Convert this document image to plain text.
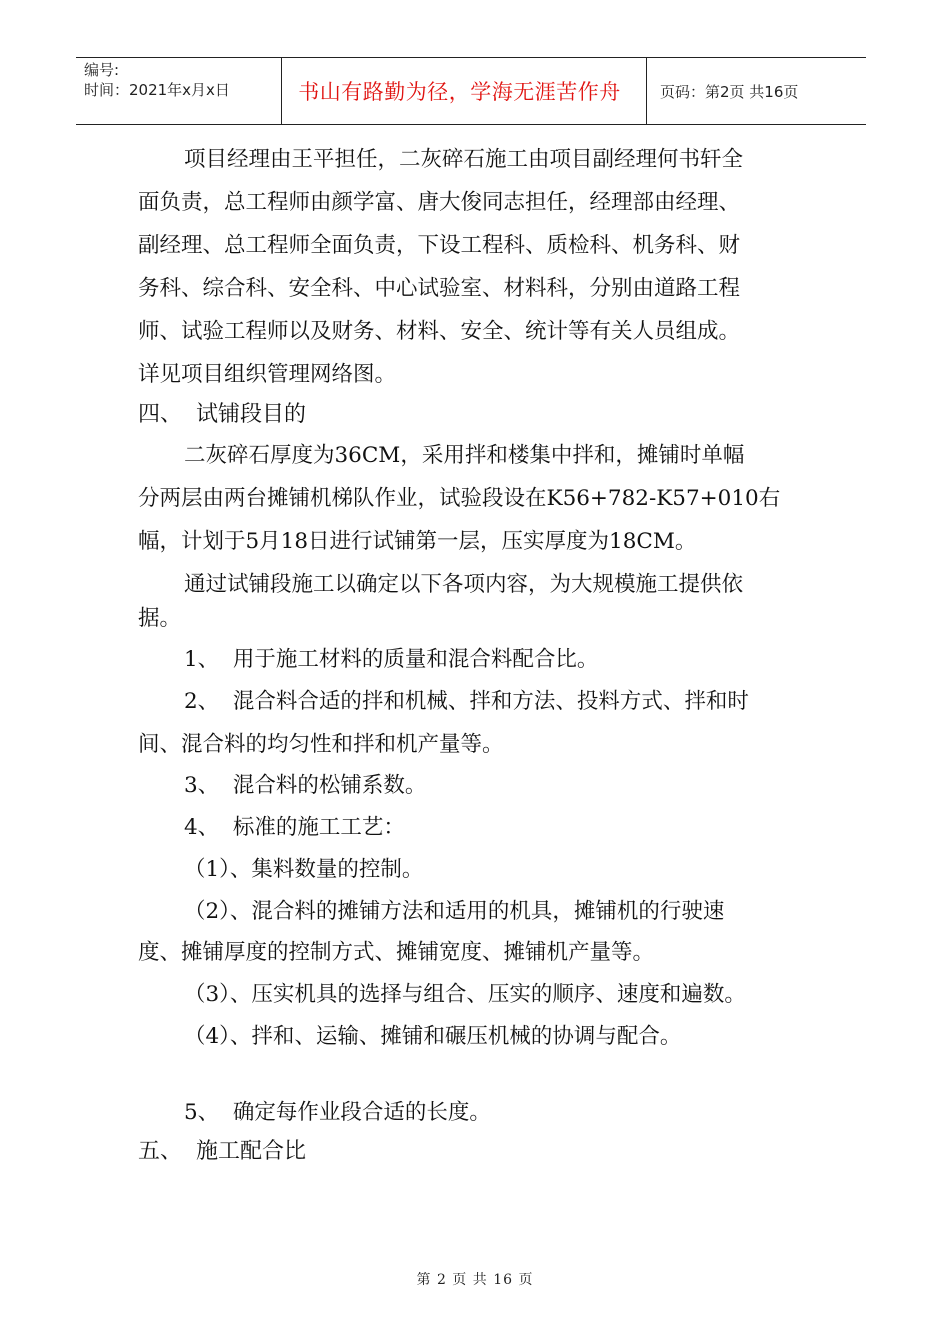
编号:
时间：2021年x月x日	书山有路勤为径，学海无涯苦作舟	页码：第2页 共16页
项目经理由王平担任，二灰碎石施工由项目副经理何书轩全
面负责，总工程师由颜学富、唐大俊同志担任，经理部由经理、
副经理、总工程师全面负责，下设工程科、质检科、机务科、财
务科、综合科、安全科、中心试验室、材料科，分别由道路工程
师、试验工程师以及财务、材料、安全、统计等有关人员组成。
详见项目组织管理网络图。
四、  试铺段目的
二灰碎石厚度为36CM，采用拌和楼集中拌和，摊铺时单幅
分两层由两台摊铺机梯队作业，试验段设在K56+782-K57+010右
幅，计划于5月18日进行试铺第一层，压实厚度为18CM。
通过试铺段施工以确定以下各项内容，为大规模施工提供依
据。
1、  用于施工材料的质量和混合料配合比。
2、  混合料合适的拌和机械、拌和方法、投料方式、拌和时
间、混合料的均匀性和拌和机产量等。
3、  混合料的松铺系数。
4、  标准的施工工艺：
（1）、集料数量的控制。
（2）、混合料的摊铺方法和适用的机具，摊铺机的行驶速
度、摊铺厚度的控制方式、摊铺宽度、摊铺机产量等。
（3）、压实机具的选择与组合、压实的顺序、速度和遍数。
（4）、拌和、运输、摊铺和碾压机械的协调与配合。
5、  确定每作业段合适的长度。
五、  施工配合比
第 2 页 共 16 页
